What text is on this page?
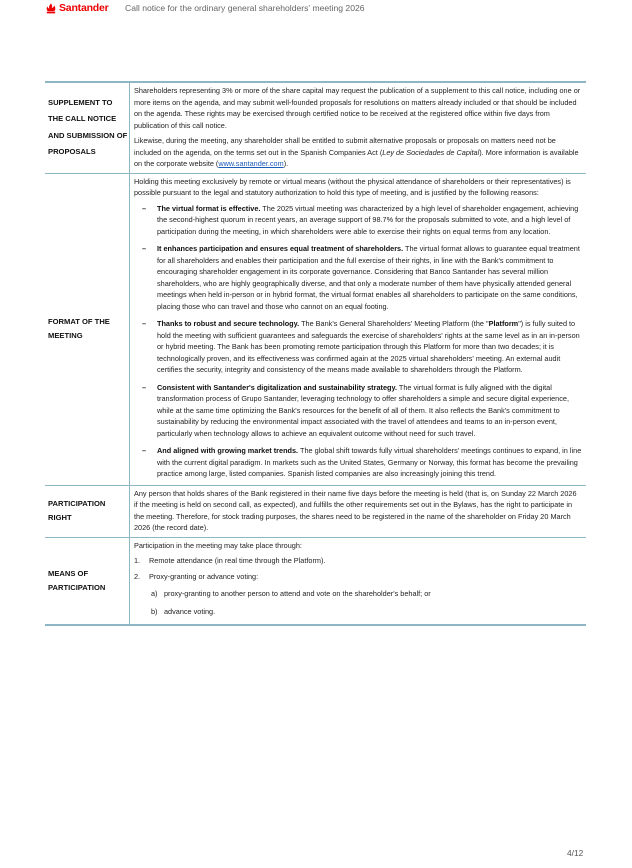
Santander Call notice for the ordinary general shareholders' meeting 2026
SUPPLEMENT TO THE CALL NOTICE AND SUBMISSION OF PROPOSALS

Shareholders representing 3% or more of the share capital may request the publication of a supplement to this call notice, including one or more items on the agenda, and may submit well-founded proposals for resolutions on matters already included or that should be included on the agenda. These rights may be exercised through certified notice to be received at the registered office within five days from publication of this call notice.

Likewise, during the meeting, any shareholder shall be entitled to submit alternative proposals or proposals on matters need not be included on the agenda, on the terms set out in the Spanish Companies Act (Ley de Sociedades de Capital). More information is available on the corporate website (www.santander.com).

FORMAT OF THE MEETING

Holding this meeting exclusively by remote or virtual means (without the physical attendance of shareholders or their representatives) is possible pursuant to the legal and statutory authorization to hold this type of meeting, and is justified by the following reasons:

–	The virtual format is effective. The 2025 virtual meeting was characterized by a high level of shareholder engagement, achieving the second-highest quorum in recent years, an average support of 98.7% for the proposals submitted to vote, and a high level of participation during the meeting, in which shareholders were able to exercise their rights on equal terms from any location.
–	It enhances participation and ensures equal treatment of shareholders. The virtual format allows to guarantee equal treatment for all shareholders and enables their participation and the full exercise of their rights, in line with the Bank's commitment to encouraging shareholder engagement in its corporate governance. Considering that Banco Santander has several million shareholders, who are highly geographically diverse, and that only a moderate number of them have physically attended general meetings when held in-person or in hybrid format, the virtual format enables all shareholders to participate on the same conditions, placing those who can travel and those who cannot on an equal footing.
–	Thanks to robust and secure technology. The Bank's General Shareholders' Meeting Platform (the "Platform") is fully suited to hold the meeting with sufficient guarantees and safeguards the exercise of shareholders' rights at the same level as in an in-person or hybrid meeting. The Bank has been promoting remote participation through this Platform for more than two decades; it is technologically proven, and its effectiveness was confirmed again at the 2025 virtual shareholders' meeting. An external audit certifies the security, integrity and consistency of the means made available to shareholders through the Platform.
–	Consistent with Santander's digitalization and sustainability strategy. The virtual format is fully aligned with the digital transformation process of Grupo Santander, leveraging technology to offer shareholders a simple and secure digital experience, while at the same time optimizing the Bank's resources for the benefit of all of them. It also reflects the Bank's commitment to sustainability by reducing the environmental impact associated with the travel of attendees and teams to an in-person event, particularly when technology allows to achieve an equivalent outcome without need for such travel.
–	And aligned with growing market trends. The global shift towards fully virtual shareholders' meetings continues to expand, in line with the current digital paradigm. In markets such as the United States, Germany or Norway, this format has become the prevailing practice among large, listed companies. Spanish listed companies are also increasingly joining this trend.
PARTICIPATION RIGHT

Any person that holds shares of the Bank registered in their name five days before the meeting is held (that is, on Sunday 22 March 2026 if the meeting is held on second call, as expected), and fulfills the other requirements set out in the Bylaws, has the right to participate in the meeting. Therefore, for stock trading purposes, the shares need to be registered in the name of the shareholder on Friday 20 March 2026 (the record date).

MEANS OF PARTICIPATION

Participation in the meeting may take place through:

1.	Remote attendance (in real time through the Platform).
2.	Proxy-granting or advance voting:
a) proxy-granting to another person to attend and vote on the shareholder's behalf; or
b) advance voting.
4/12
